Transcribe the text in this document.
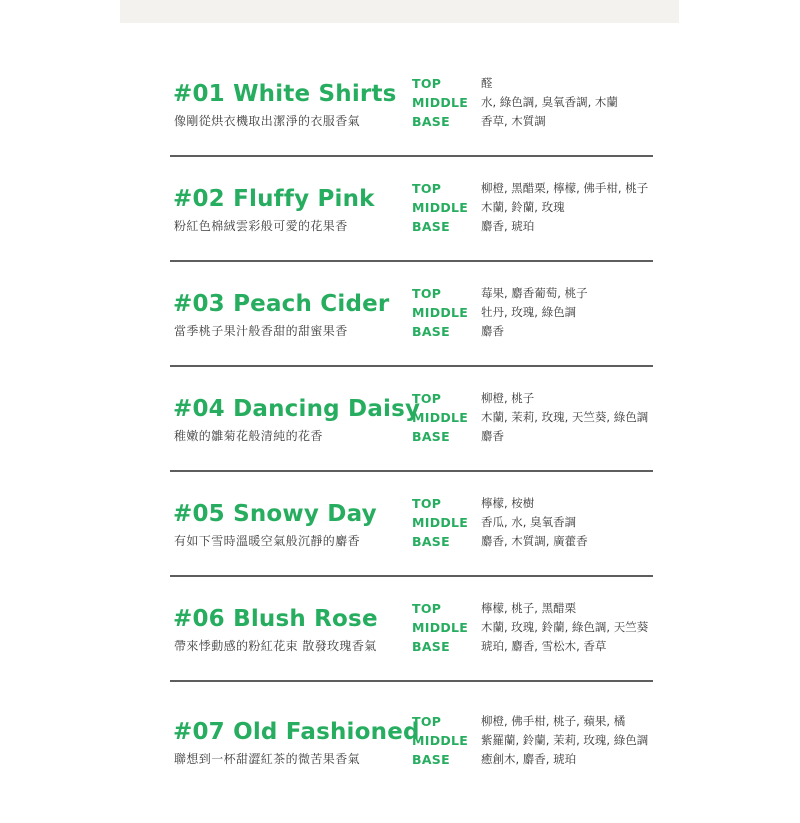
#01 White Shirts
像剛從烘衣機取出潔淨的衣服香氣
TOP	醛
MIDDLE 水, 綠色調, 臭氧香調, 木蘭
BASE	香草, 木質調
#02 Fluffy Pink
粉紅色棉絨雲彩般可愛的花果香
TOP	柳橙, 黑醋栗, 檸檬, 佛手柑, 桃子
MIDDLE 木蘭, 鈴蘭, 玫瑰
BASE	麝香, 琥珀
#03 Peach Cider
當季桃子果汁般香甜的甜蜜果香
TOP	莓果, 麝香葡萄, 桃子
MIDDLE 牡丹, 玫瑰, 綠色調
BASE	麝香
#04 Dancing Daisy
稚嫩的雛菊花般清純的花香
TOP	柳橙, 桃子
MIDDLE 木蘭, 茉莉, 玫瑰, 天竺葵, 綠色調
BASE	麝香
#05 Snowy Day
有如下雪時溫暖空氣般沉靜的麝香
TOP	檸檬, 桉樹
MIDDLE 香瓜, 水, 臭氧香調
BASE	麝香, 木質調, 廣藿香
#06 Blush Rose
帶來悸動感的粉紅花束 散發玫瑰香氣
TOP	檸檬, 桃子, 黑醋栗
MIDDLE 木蘭, 玫瑰, 鈴蘭, 綠色調, 天竺葵
BASE	琥珀, 麝香, 雪松木, 香草
#07 Old Fashioned
聯想到一杯甜澀紅茶的微苦果香氣
TOP	柳橙, 佛手柑, 桃子, 蘋果, 橘
MIDDLE 紫羅蘭, 鈴蘭, 茉莉, 玫瑰, 綠色調
BASE	癒創木, 麝香, 琥珀
